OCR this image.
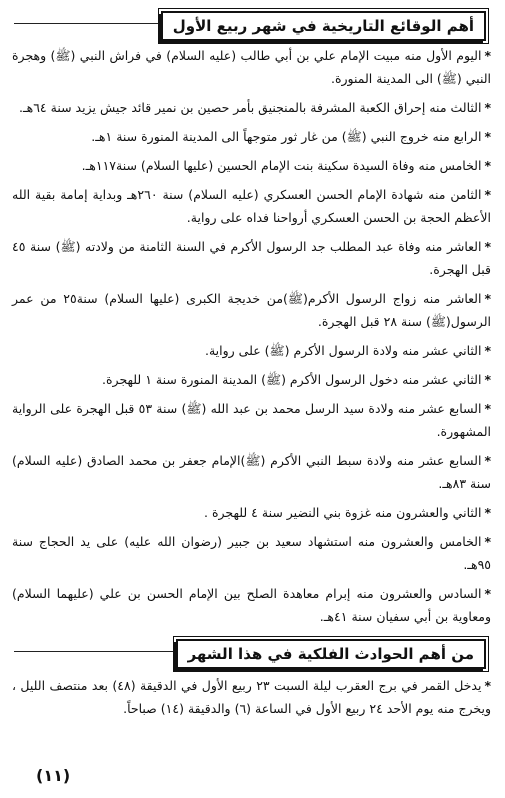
أهم الوقائع التاريخية في شهر ربيع الأول
*اليوم الأول منه مبيت الإمام علي بن أبي طالب (عليه السلام) في فراش النبي (ﷺ) وهجرة النبي (ﷺ) الى المدينة المنورة.
*الثالث منه إحراق الكعبة المشرفة بالمنجنيق بأمر حصين بن نمير قائد جيش يزيد سنة ٦٤هـ.
*الرابع منه خروج النبي (ﷺ) من غار ثور متوجهاً الى المدينة المنورة سنة ١هـ.
*الخامس منه وفاة السيدة سكينة بنت الإمام الحسين (عليها السلام) سنة١١٧هـ.
*الثامن منه شهادة الإمام الحسن العسكري (عليه السلام) سنة ٢٦٠هـ وبداية إمامة بقية الله الأعظم الحجة بن الحسن العسكري أرواحنا فداه على رواية.
*العاشر منه وفاة عبد المطلب جد الرسول الأكرم في السنة الثامنة من ولادته (ﷺ) سنة ٤٥ قبل الهجرة.
*العاشر منه زواج الرسول الأكرم(ﷺ)من خديجة الكبرى (عليها السلام) سنة٢٥ من عمر الرسول(ﷺ) سنة ٢٨ قبل الهجرة.
*الثاني عشر منه ولادة الرسول الأكرم (ﷺ) على رواية.
*الثاني عشر منه دخول الرسول الأكرم (ﷺ) المدينة المنورة سنة ١ للهجرة.
*السابع عشر منه ولادة سيد الرسل محمد بن عبد الله (ﷺ) سنة ٥٣ قبل الهجرة على الرواية المشهورة.
*السابع عشر منه ولادة سبط النبي الأكرم (ﷺ)الإمام جعفر بن محمد الصادق (عليه السلام) سنة ٨٣هـ.
*الثاني والعشرون منه غزوة بني النضير سنة ٤ للهجرة .
*الخامس والعشرون منه استشهاد سعيد بن جبير (رضوان الله عليه) على يد الحجاج سنة ٩٥هـ.
*السادس والعشرون منه إبرام معاهدة الصلح بين الإمام الحسن بن علي (عليهما السلام) ومعاوية بن أبي سفيان سنة ٤١هـ.
من أهم الحوادث الفلكية في هذا الشهر
*يدخل القمر في برج العقرب ليلة السبت ٢٣ ربيع الأول في الدقيقة (٤٨) بعد منتصف الليل ، ويخرج منه يوم الأحد ٢٤ ربيع الأول في الساعة (٦) والدقيقة (١٤) صباحاً.
(١١)
